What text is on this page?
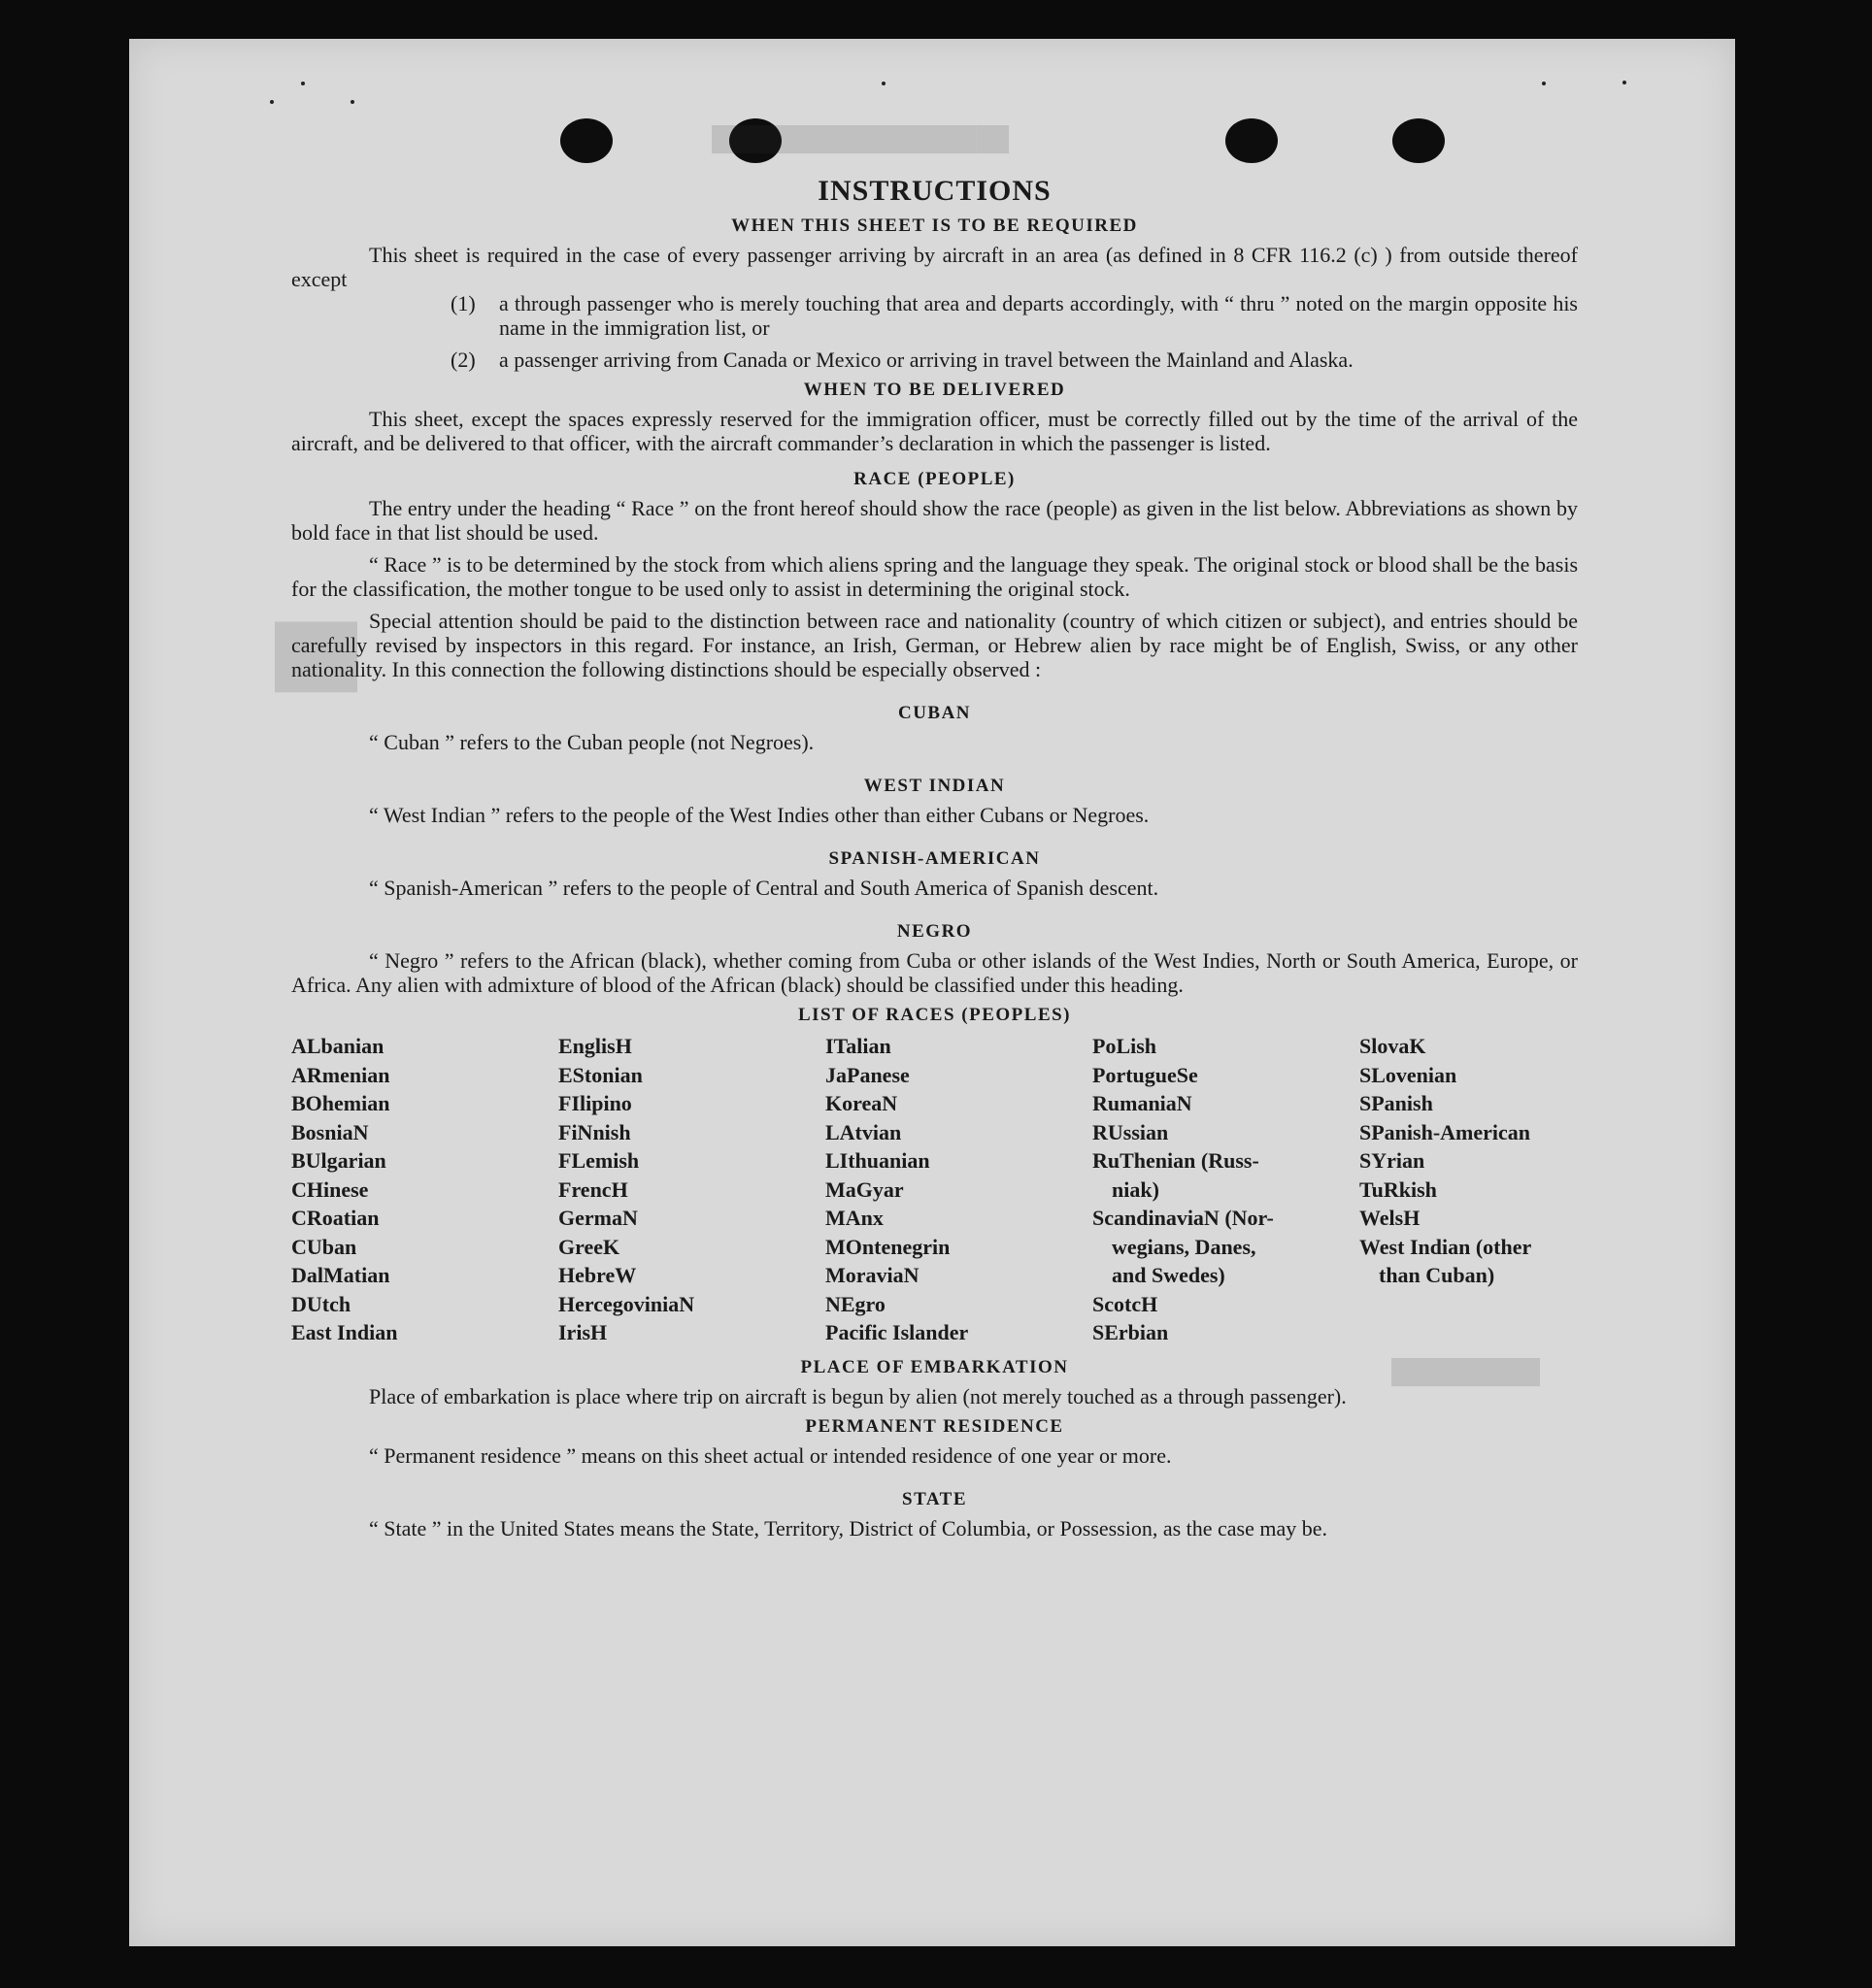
██████████████████
██
█████████
INSTRUCTIONS
WHEN THIS SHEET IS TO BE REQUIRED

This sheet is required in the case of every passenger arriving by aircraft in an area (as defined in 8 CFR 116.2 (c) ) from outside thereof except

(1)	a through passenger who is merely touching that area and departs accordingly, with “ thru ” noted on the margin opposite his name in the immigration list, or
(2)	a passenger arriving from Canada or Mexico or arriving in travel between the Mainland and Alaska.
WHEN TO BE DELIVERED

This sheet, except the spaces expressly reserved for the immigration officer, must be correctly filled out by the time of the arrival of the aircraft, and be delivered to that officer, with the aircraft commander’s declaration in which the passenger is listed.

RACE (PEOPLE)

The entry under the heading “ Race ” on the front hereof should show the race (people) as given in the list below. Abbreviations as shown by bold face in that list should be used.

“ Race ” is to be determined by the stock from which aliens spring and the language they speak. The original stock or blood shall be the basis for the classification, the mother tongue to be used only to assist in determining the original stock.

Special attention should be paid to the distinction between race and nationality (country of which citizen or subject), and entries should be carefully revised by inspectors in this regard. For instance, an Irish, German, or Hebrew alien by race might be of English, Swiss, or any other nationality. In this connection the following distinctions should be especially observed :

CUBAN

“ Cuban ” refers to the Cuban people (not Negroes).

WEST INDIAN

“ West Indian ” refers to the people of the West Indies other than either Cubans or Negroes.

SPANISH-AMERICAN

“ Spanish-American ” refers to the people of Central and South America of Spanish descent.

NEGRO

“ Negro ” refers to the African (black), whether coming from Cuba or other islands of the West Indies, North or South America, Europe, or Africa. Any alien with admixture of blood of the African (black) should be classified under this heading.

LIST OF RACES (PEOPLES)
ALbanian
ARmenian
BOhemian
BosniaN
BUlgarian
CHinese
CRoatian
CUban
DalMatian
DUtch
East Indian
EnglisH
EStonian
FIlipino
FiNnish
FLemish
FrencH
GermaN
GreeK
HebreW
HercegoviniaN
IrisH
ITalian
JaPanese
KoreaN
LAtvian
LIthuanian
MaGyar
MAnx
MOntenegrin
MoraviaN
NEgro
Pacific Islander
PoLish
PortugueSe
RumaniaN
RUssian
RuThenian (Russ-
niak)
ScandinaviaN (Nor-
wegians, Danes,
and Swedes)
ScotcH
SErbian
SlovaK
SLovenian
SPanish
SPanish-American
SYrian
TuRkish
WelsH
West Indian (other
than Cuban)
PLACE OF EMBARKATION

Place of embarkation is place where trip on aircraft is begun by alien (not merely touched as a through passenger).

PERMANENT RESIDENCE

“ Permanent residence ” means on this sheet actual or intended residence of one year or more.

STATE

“ State ” in the United States means the State, Territory, District of Columbia, or Possession, as the case may be.
